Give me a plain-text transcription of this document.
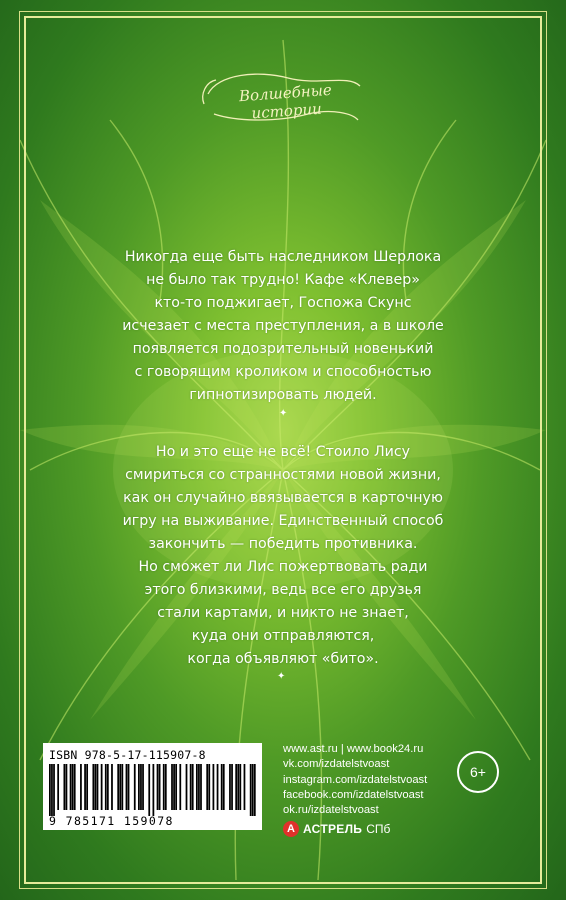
Волшебные истории
Никогда еще быть наследником Шерлока
не было так трудно! Кафе «Клевер»
кто-то поджигает, Госпожа Скунс
исчезает с места преступления, а в школе
появляется подозрительный новенький
с говорящим кроликом и способностью
гипнотизировать людей.
Но и это еще не всё! Стоило Лису
смириться со странностями новой жизни,
как он случайно ввязывается в карточную
игру на выживание. Единственный способ
закончить — победить противника.
Но сможет ли Лис пожертвовать ради
этого близкими, ведь все его друзья
стали картами, и никто не знает,
куда они отправляются,
когда объявляют «бито».
✦
✦
ISBN 978-5-17-115907-8
9 785171 159078
www.ast.ru | www.book24.ru
vk.com/izdatelstvoast
instagram.com/izdatelstvoast
facebook.com/izdatelstvoast
ok.ru/izdatelstvoast
6+
А АСТРЕЛЬ СПб
